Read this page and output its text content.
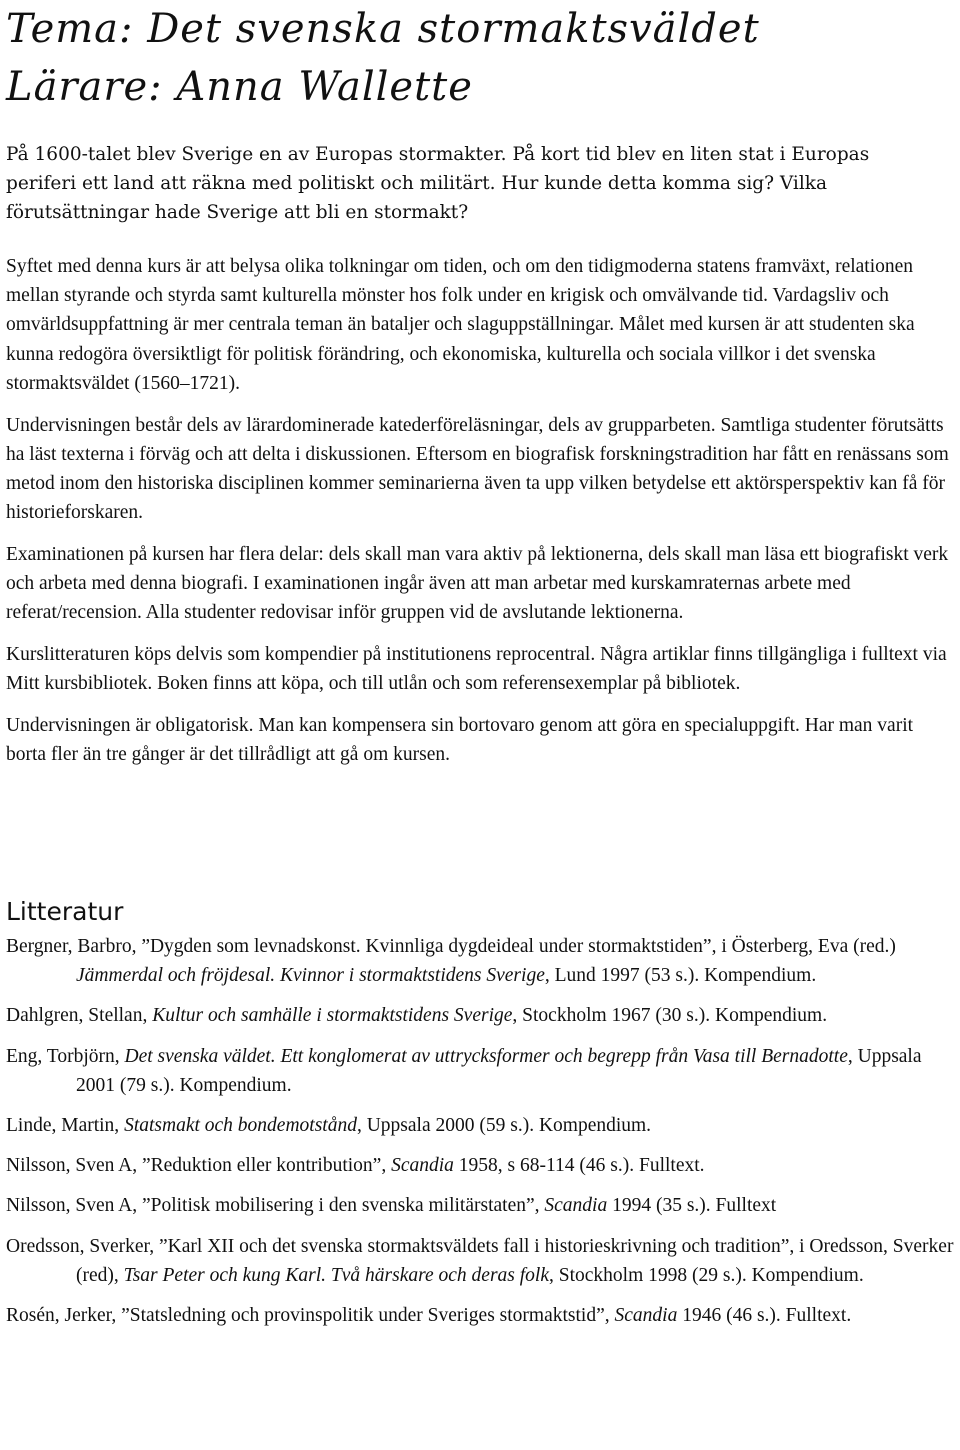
Tema: Det svenska stormaktsväldet
Lärare: Anna Wallette

På 1600-talet blev Sverige en av Europas stormakter. På kort tid blev en liten stat i Europas periferi ett land att räkna med politiskt och militärt. Hur kunde detta komma sig? Vilka förutsättningar hade Sverige att bli en stormakt?

Syftet med denna kurs är att belysa olika tolkningar om tiden, och om den tidigmoderna statens framväxt, relationen mellan styrande och styrda samt kulturella mönster hos folk under en krigisk och omvälvande tid. Vardagsliv och omvärldsuppfattning är mer centrala teman än bataljer och slaguppställningar. Målet med kursen är att studenten ska kunna redogöra översiktligt för politisk förändring, och ekonomiska, kulturella och sociala villkor i det svenska stormaktsväldet (1560–1721).

Undervisningen består dels av lärardominerade katederföreläsningar, dels av grupparbeten. Samtliga studenter förutsätts ha läst texterna i förväg och att delta i diskussionen. Eftersom en biografisk forskningstradition har fått en renässans som metod inom den historiska disciplinen kommer seminarierna även ta upp vilken betydelse ett aktörsperspektiv kan få för historieforskaren.

Examinationen på kursen har flera delar: dels skall man vara aktiv på lektionerna, dels skall man läsa ett biografiskt verk och arbeta med denna biografi. I examinationen ingår även att man arbetar med kurskamraternas arbete med referat/recension. Alla studenter redovisar inför gruppen vid de avslutande lektionerna.

Kurslitteraturen köps delvis som kompendier på institutionens reprocentral. Några artiklar finns tillgängliga i fulltext via Mitt kursbibliotek. Boken finns att köpa, och till utlån och som referensexemplar på bibliotek.

Undervisningen är obligatorisk. Man kan kompensera sin bortovaro genom att göra en specialuppgift. Har man varit borta fler än tre gånger är det tillrådligt att gå om kursen.

Litteratur

Bergner, Barbro, ”Dygden som levnadskonst. Kvinnliga dygdeideal under stormaktstiden”, i Österberg, Eva (red.) Jämmerdal och fröjdesal. Kvinnor i stormaktstidens Sverige, Lund 1997 (53 s.). Kompendium.

Dahlgren, Stellan, Kultur och samhälle i stormaktstidens Sverige, Stockholm 1967 (30 s.). Kompendium.

Eng, Torbjörn, Det svenska väldet. Ett konglomerat av uttrycksformer och begrepp från Vasa till Bernadotte, Uppsala 2001 (79 s.). Kompendium.

Linde, Martin, Statsmakt och bondemotstånd, Uppsala 2000 (59 s.). Kompendium.

Nilsson, Sven A, ”Reduktion eller kontribution”, Scandia 1958, s 68-114 (46 s.). Fulltext.

Nilsson, Sven A, ”Politisk mobilisering i den svenska militärstaten”, Scandia 1994 (35 s.). Fulltext

Oredsson, Sverker, ”Karl XII och det svenska stormaktsväldets fall i historieskrivning och tradition”, i Oredsson, Sverker (red), Tsar Peter och kung Karl. Två härskare och deras folk, Stockholm 1998 (29 s.). Kompendium.

Rosén, Jerker, ”Statsledning och provinspolitik under Sveriges stormaktstid”, Scandia 1946 (46 s.). Fulltext.
